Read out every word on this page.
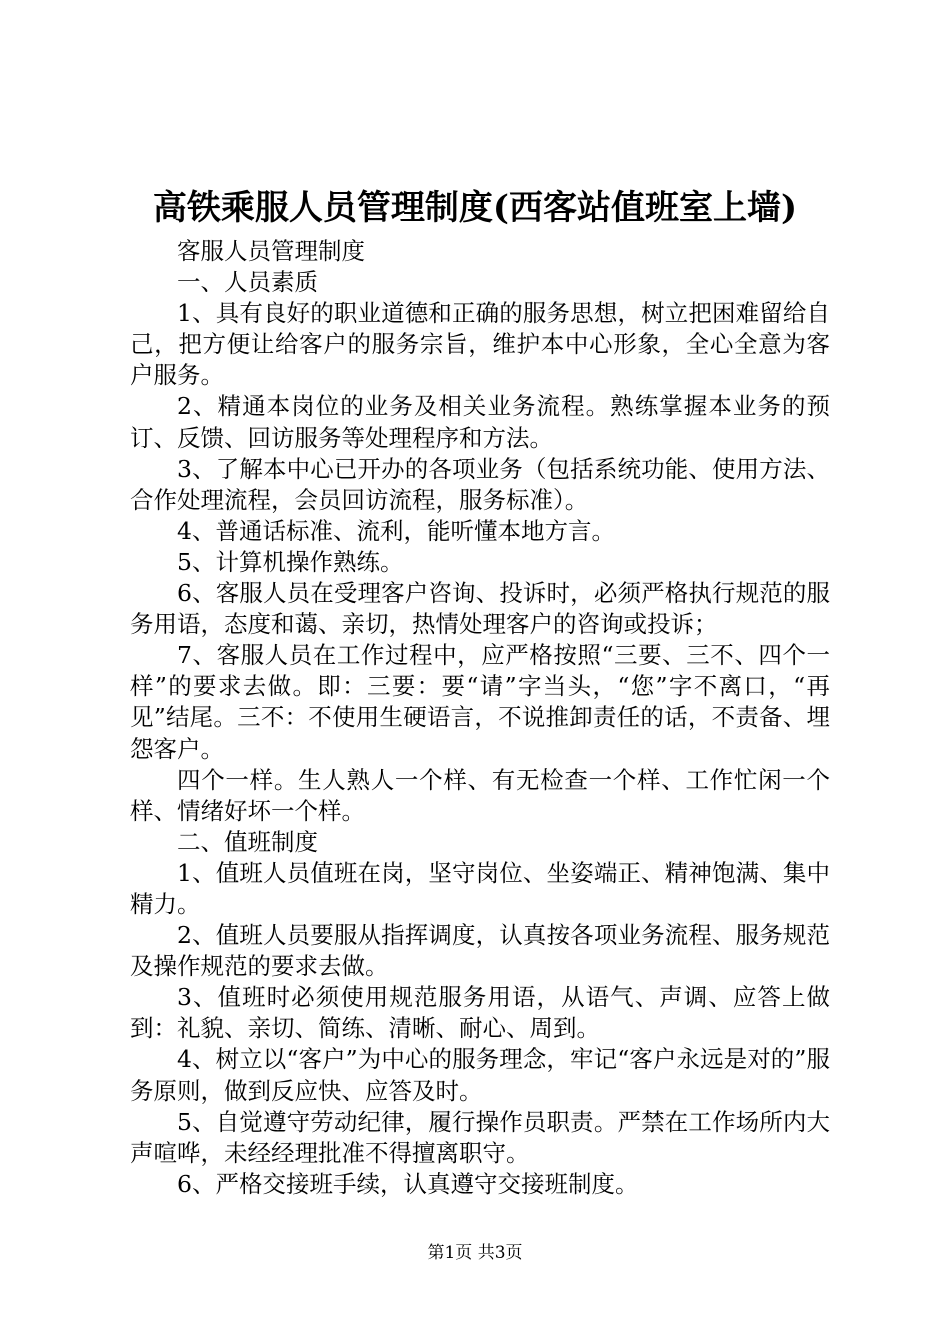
高铁乘服人员管理制度(西客站值班室上墙)

客服人员管理制度

一、人员素质

1、具有良好的职业道德和正确的服务思想，树立把困难留给自己，把方便让给客户的服务宗旨，维护本中心形象，全心全意为客户服务。

2、精通本岗位的业务及相关业务流程。熟练掌握本业务的预订、反馈、回访服务等处理程序和方法。

3、了解本中心已开办的各项业务（包括系统功能、使用方法、合作处理流程，会员回访流程，服务标准）。

4、普通话标准、流利，能听懂本地方言。

5、计算机操作熟练。

6、客服人员在受理客户咨询、投诉时，必须严格执行规范的服务用语，态度和蔼、亲切，热情处理客户的咨询或投诉；

7、客服人员在工作过程中，应严格按照“三要、三不、四个一样”的要求去做。即：三要：要“请”字当头，“您”字不离口，“再见”结尾。三不：不使用生硬语言，不说推卸责任的话，不责备、埋怨客户。

四个一样。生人熟人一个样、有无检查一个样、工作忙闲一个样、情绪好坏一个样。

二、值班制度

1、值班人员值班在岗，坚守岗位、坐姿端正、精神饱满、集中精力。

2、值班人员要服从指挥调度，认真按各项业务流程、服务规范及操作规范的要求去做。

3、值班时必须使用规范服务用语，从语气、声调、应答上做到：礼貌、亲切、简练、清晰、耐心、周到。

4、树立以“客户”为中心的服务理念，牢记“客户永远是对的”服务原则，做到反应快、应答及时。

5、自觉遵守劳动纪律，履行操作员职责。严禁在工作场所内大声喧哗，未经经理批准不得擅离职守。

6、严格交接班手续，认真遵守交接班制度。

第1页 共3页
